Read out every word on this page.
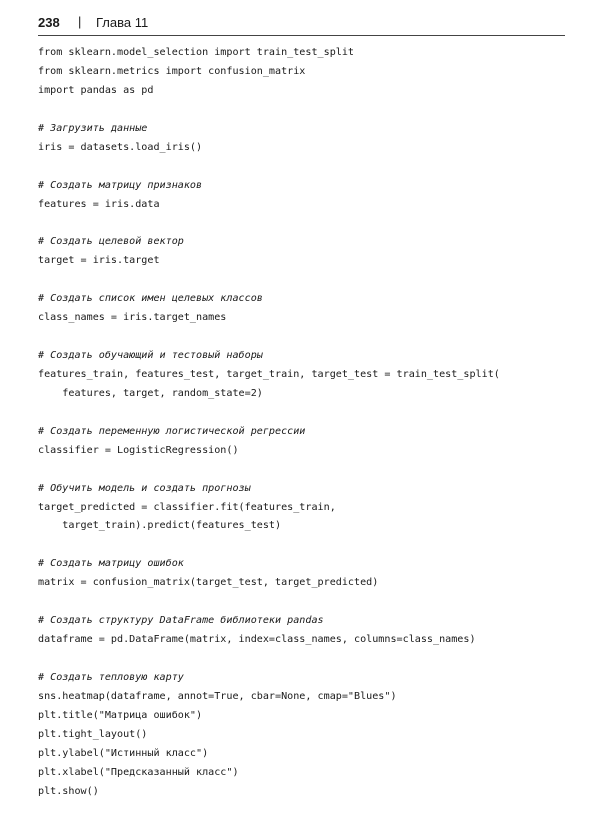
238 | Глава 11
from sklearn.model_selection import train_test_split
from sklearn.metrics import confusion_matrix
import pandas as pd
# Загрузить данные
iris = datasets.load_iris()
# Создать матрицу признаков
features = iris.data
# Создать целевой вектор
target = iris.target
# Создать список имен целевых классов
class_names = iris.target_names
# Создать обучающий и тестовый наборы
features_train, features_test, target_train, target_test = train_test_split(
features, target, random_state=2)
# Создать переменную логистической регрессии
classifier = LogisticRegression()
# Обучить модель и создать прогнозы
target_predicted = classifier.fit(features_train,
target_train).predict(features_test)
# Создать матрицу ошибок
matrix = confusion_matrix(target_test, target_predicted)
# Создать структуру DataFrame библиотеки pandas
dataframe = pd.DataFrame(matrix, index=class_names, columns=class_names)
# Создать тепловую карту
sns.heatmap(dataframe, annot=True, cbar=None, cmap="Blues")
plt.title("Матрица ошибок")
plt.tight_layout()
plt.ylabel("Истинный класс")
plt.xlabel("Предсказанный класс")
plt.show()
